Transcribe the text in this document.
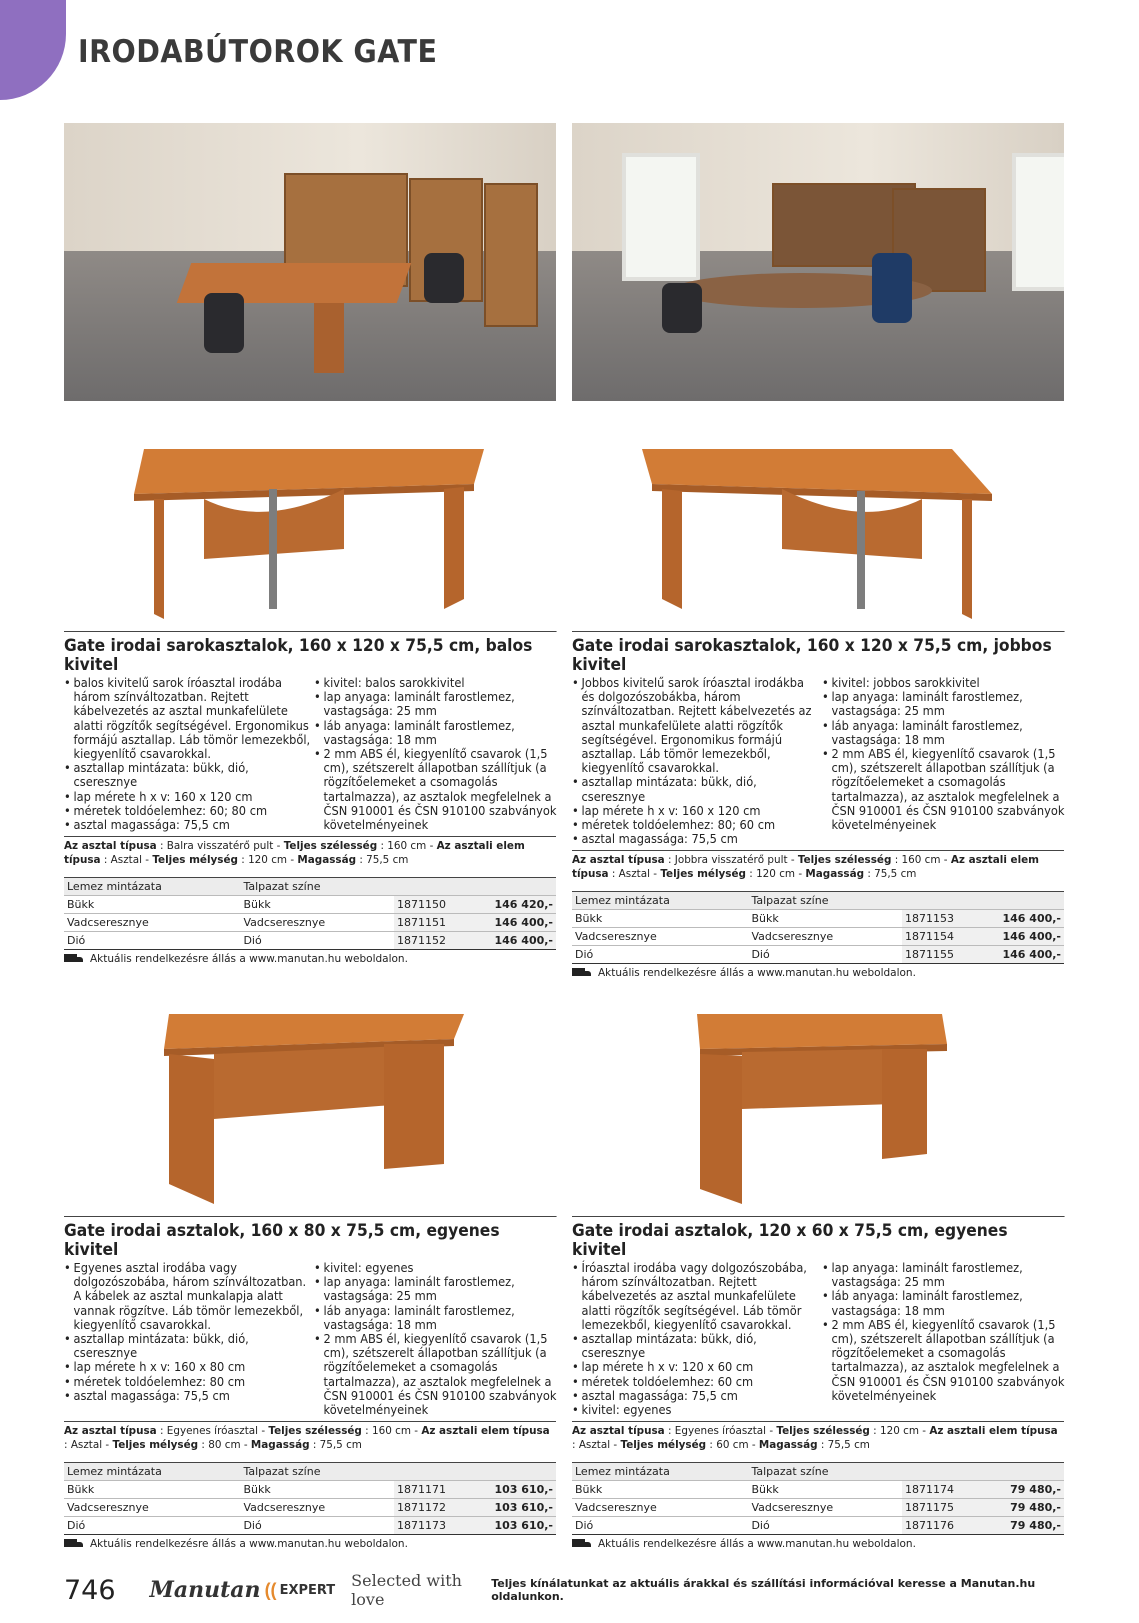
IRODABÚTOROK GATE
Gate irodai sarokasztalok, 160 x 120 x 75,5 cm, balos kivitel
• balos kivitelű sarok íróasztal irodába három színváltozatban. Rejtett kábelvezetés az asztal munkafelülete alatti rögzítők segítségével. Ergonomikus formájú asztallap. Láb tömör lemezekből, kiegyenlítő csavarokkal.
• asztallap mintázata: bükk, dió, cseresznye
• lap mérete h x v: 160 x 120 cm
• méretek toldóelemhez: 60; 80 cm
• asztal magassága: 75,5 cm
• kivitel: balos sarokkivitel
• lap anyaga: laminált farostlemez, vastagsága: 25 mm
• láb anyaga: laminált farostlemez, vastagsága: 18 mm
• 2 mm ABS él, kiegyenlítő csavarok (1,5 cm), szétszerelt állapotban szállítjuk (a rögzítőelemeket a csomagolás tartalmazza), az asztalok megfelelnek a ČSN 910001 és ČSN 910100 szabványok követelményeinek
Az asztal típusa : Balra visszatérő pult - Teljes szélesség : 160 cm - Az asztali elem típusa : Asztal - Teljes mélység : 120 cm - Magasság : 75,5 cm
Lemez mintázata	Talpazat színe		
Bükk	Bükk	1871150	146 420,-
Vadcseresznye	Vadcseresznye	1871151	146 400,-
Dió	Dió	1871152	146 400,-
Aktuális rendelkezésre állás a www.manutan.hu weboldalon.
Gate irodai sarokasztalok, 160 x 120 x 75,5 cm, jobbos kivitel
• Jobbos kivitelű sarok íróasztal irodákba és dolgozószobákba, három színváltozatban. Rejtett kábelvezetés az asztal munkafelülete alatti rögzítők segítségével. Ergonomikus formájú asztallap. Láb tömör lemezekből, kiegyenlítő csavarokkal.
• asztallap mintázata: bükk, dió, cseresznye
• lap mérete h x v: 160 x 120 cm
• méretek toldóelemhez: 80; 60 cm
• asztal magassága: 75,5 cm
• kivitel: jobbos sarokkivitel
• lap anyaga: laminált farostlemez, vastagsága: 25 mm
• láb anyaga: laminált farostlemez, vastagsága: 18 mm
• 2 mm ABS él, kiegyenlítő csavarok (1,5 cm), szétszerelt állapotban szállítjuk (a rögzítőelemeket a csomagolás tartalmazza), az asztalok megfelelnek a ČSN 910001 és ČSN 910100 szabványok követelményeinek
Az asztal típusa : Jobbra visszatérő pult - Teljes szélesség : 160 cm - Az asztali elem típusa : Asztal - Teljes mélység : 120 cm - Magasság : 75,5 cm
Lemez mintázata	Talpazat színe		
Bükk	Bükk	1871153	146 400,-
Vadcseresznye	Vadcseresznye	1871154	146 400,-
Dió	Dió	1871155	146 400,-
Aktuális rendelkezésre állás a www.manutan.hu weboldalon.
Gate irodai asztalok, 160 x 80 x 75,5 cm, egyenes kivitel
• Egyenes asztal irodába vagy dolgozószobába, három színváltozatban. A kábelek az asztal munkalapja alatt vannak rögzítve. Láb tömör lemezekből, kiegyenlítő csavarokkal.
• asztallap mintázata: bükk, dió, cseresznye
• lap mérete h x v: 160 x 80 cm
• méretek toldóelemhez: 80 cm
• asztal magassága: 75,5 cm
• kivitel: egyenes
• lap anyaga: laminált farostlemez, vastagsága: 25 mm
• láb anyaga: laminált farostlemez, vastagsága: 18 mm
• 2 mm ABS él, kiegyenlítő csavarok (1,5 cm), szétszerelt állapotban szállítjuk (a rögzítőelemeket a csomagolás tartalmazza), az asztalok megfelelnek a ČSN 910001 és ČSN 910100 szabványok követelményeinek
Az asztal típusa : Egyenes íróasztal - Teljes szélesség : 160 cm - Az asztali elem típusa : Asztal - Teljes mélység : 80 cm - Magasság : 75,5 cm
Lemez mintázata	Talpazat színe		
Bükk	Bükk	1871171	103 610,-
Vadcseresznye	Vadcseresznye	1871172	103 610,-
Dió	Dió	1871173	103 610,-
Aktuális rendelkezésre állás a www.manutan.hu weboldalon.
Gate irodai asztalok, 120 x 60 x 75,5 cm, egyenes kivitel
• Íróasztal irodába vagy dolgozószobába, három színváltozatban. Rejtett kábelvezetés az asztal munkafelülete alatti rögzítők segítségével. Láb tömör lemezekből, kiegyenlítő csavarokkal.
• asztallap mintázata: bükk, dió, cseresznye
• lap mérete h x v: 120 x 60 cm
• méretek toldóelemhez: 60 cm
• asztal magassága: 75,5 cm
• kivitel: egyenes
• lap anyaga: laminált farostlemez, vastagsága: 25 mm
• láb anyaga: laminált farostlemez, vastagsága: 18 mm
• 2 mm ABS él, kiegyenlítő csavarok (1,5 cm), szétszerelt állapotban szállítjuk (a rögzítőelemeket a csomagolás tartalmazza), az asztalok megfelelnek a ČSN 910001 és ČSN 910100 szabványok követelményeinek
Az asztal típusa : Egyenes íróasztal - Teljes szélesség : 120 cm - Az asztali elem típusa : Asztal - Teljes mélység : 60 cm - Magasság : 75,5 cm
Lemez mintázata	Talpazat színe		
Bükk	Bükk	1871174	79 480,-
Vadcseresznye	Vadcseresznye	1871175	79 480,-
Dió	Dió	1871176	79 480,-
Aktuális rendelkezésre állás a www.manutan.hu weboldalon.
746 Manutan (( EXPERT Selected with love
Teljes kínálatunkat az aktuális árakkal és szállítási információval keresse a Manutan.hu oldalunkon.
